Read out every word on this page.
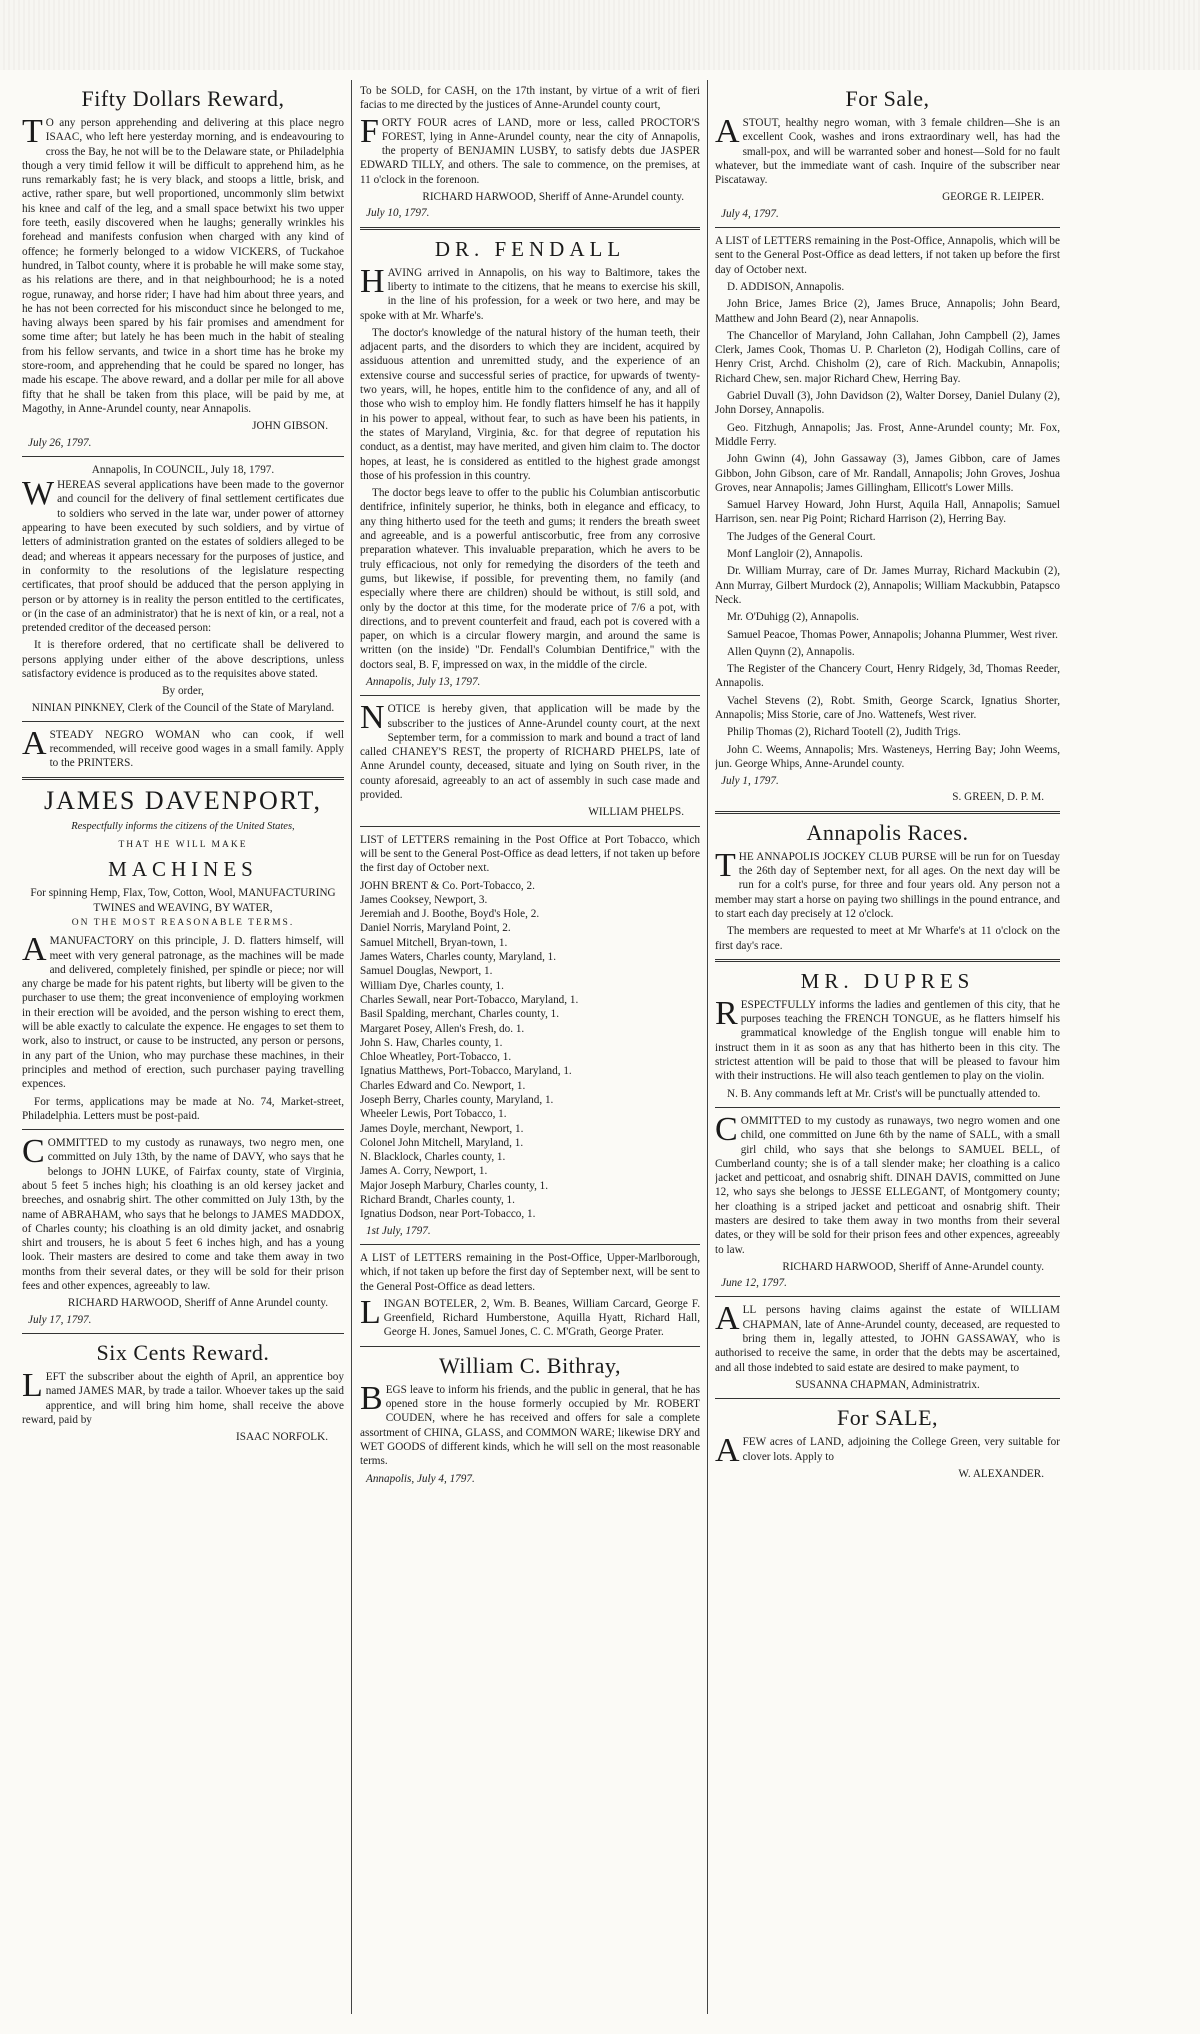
Fifty Dollars Reward,

TO any person apprehending and delivering at this place negro ISAAC, who left here yesterday morning, and is endeavouring to cross the Bay, he not will be to the Delaware state, or Philadelphia though a very timid fellow it will be difficult to apprehend him, as he runs remarkably fast; he is very black, and stoops a little, brisk, and active, rather spare, but well proportioned, uncommonly slim betwixt his knee and calf of the leg, and a small space betwixt his two upper fore teeth, easily discovered when he laughs; generally wrinkles his forehead and manifests confusion when charged with any kind of offence; he formerly belonged to a widow VICKERS, of Tuckahoe hundred, in Talbot county, where it is probable he will make some stay, as his relations are there, and in that neighbourhood; he is a noted rogue, runaway, and horse rider; I have had him about three years, and he has not been corrected for his misconduct since he belonged to me, having always been spared by his fair promises and amendment for some time after; but lately he has been much in the habit of stealing from his fellow servants, and twice in a short time has he broke my store-room, and apprehending that he could be spared no longer, has made his escape. The above reward, and a dollar per mile for all above fifty that he shall be taken from this place, will be paid by me, at Magothy, in Anne-Arundel county, near Annapolis.

JOHN GIBSON.
July 26, 1797.
Annapolis, In COUNCIL, July 18, 1797.

WHEREAS several applications have been made to the governor and council for the delivery of final settlement certificates due to soldiers who served in the late war, under power of attorney appearing to have been executed by such soldiers, and by virtue of letters of administration granted on the estates of soldiers alleged to be dead; and whereas it appears necessary for the purposes of justice, and in conformity to the resolutions of the legislature respecting certificates, that proof should be adduced that the person applying in person or by attorney is in reality the person entitled to the certificates, or (in the case of an administrator) that he is next of kin, or a real, not a pretended creditor of the deceased person:

It is therefore ordered, that no certificate shall be delivered to persons applying under either of the above descriptions, unless satisfactory evidence is produced as to the requisites above stated.

By order,
NINIAN PINKNEY, Clerk of the Council of the State of Maryland.

ASTEADY NEGRO WOMAN who can cook, if well recommended, will receive good wages in a small family. Apply to the PRINTERS.

JAMES DAVENPORT,
Respectfully informs the citizens of the United States,
THAT HE WILL MAKE
MACHINES
For spinning Hemp, Flax, Tow, Cotton, Wool, MANUFACTURING TWINES and WEAVING, BY WATER,
ON THE MOST REASONABLE TERMS.

AMANUFACTORY on this principle, J. D. flatters himself, will meet with very general patronage, as the machines will be made and delivered, completely finished, per spindle or piece; nor will any charge be made for his patent rights, but liberty will be given to the purchaser to use them; the great inconvenience of employing workmen in their erection will be avoided, and the person wishing to erect them, will be able exactly to calculate the expence. He engages to set them to work, also to instruct, or cause to be instructed, any person or persons, in any part of the Union, who may purchase these machines, in their principles and method of erection, such purchaser paying travelling expences.

For terms, applications may be made at No. 74, Market-street, Philadelphia. Letters must be post-paid.

COMMITTED to my custody as runaways, two negro men, one committed on July 13th, by the name of DAVY, who says that he belongs to JOHN LUKE, of Fairfax county, state of Virginia, about 5 feet 5 inches high; his cloathing is an old kersey jacket and breeches, and osnabrig shirt. The other committed on July 13th, by the name of ABRAHAM, who says that he belongs to JAMES MADDOX, of Charles county; his cloathing is an old dimity jacket, and osnabrig shirt and trousers, he is about 5 feet 6 inches high, and has a young look. Their masters are desired to come and take them away in two months from their several dates, or they will be sold for their prison fees and other expences, agreeably to law.

RICHARD HARWOOD, Sheriff of Anne Arundel county.
July 17, 1797.
Six Cents Reward.

LEFT the subscriber about the eighth of April, an apprentice boy named JAMES MAR, by trade a tailor. Whoever takes up the said apprentice, and will bring him home, shall receive the above reward, paid by

ISAAC NORFOLK.

To be SOLD, for CASH, on the 17th instant, by virtue of a writ of fieri facias to me directed by the justices of Anne-Arundel county court,

FORTY FOUR acres of LAND, more or less, called PROCTOR'S FOREST, lying in Anne-Arundel county, near the city of Annapolis, the property of BENJAMIN LUSBY, to satisfy debts due JASPER EDWARD TILLY, and others. The sale to commence, on the premises, at 11 o'clock in the forenoon.

RICHARD HARWOOD, Sheriff of Anne-Arundel county.
July 10, 1797.
DR. FENDALL

HAVING arrived in Annapolis, on his way to Baltimore, takes the liberty to intimate to the citizens, that he means to exercise his skill, in the line of his profession, for a week or two here, and may be spoke with at Mr. Wharfe's.

The doctor's knowledge of the natural history of the human teeth, their adjacent parts, and the disorders to which they are incident, acquired by assiduous attention and unremitted study, and the experience of an extensive course and successful series of practice, for upwards of twenty-two years, will, he hopes, entitle him to the confidence of any, and all of those who wish to employ him. He fondly flatters himself he has it happily in his power to appeal, without fear, to such as have been his patients, in the states of Maryland, Virginia, &c. for that degree of reputation his conduct, as a dentist, may have merited, and given him claim to. The doctor hopes, at least, he is considered as entitled to the highest grade amongst those of his profession in this country.

The doctor begs leave to offer to the public his Columbian antiscorbutic dentifrice, infinitely superior, he thinks, both in elegance and efficacy, to any thing hitherto used for the teeth and gums; it renders the breath sweet and agreeable, and is a powerful antiscorbutic, free from any corrosive preparation whatever. This invaluable preparation, which he avers to be truly efficacious, not only for remedying the disorders of the teeth and gums, but likewise, if possible, for preventing them, no family (and especially where there are children) should be without, is still sold, and only by the doctor at this time, for the moderate price of 7/6 a pot, with directions, and to prevent counterfeit and fraud, each pot is covered with a paper, on which is a circular flowery margin, and around the same is written (on the inside) "Dr. Fendall's Columbian Dentifrice," with the doctors seal, B. F, impressed on wax, in the middle of the circle.

Annapolis, July 13, 1797.

NOTICE is hereby given, that application will be made by the subscriber to the justices of Anne-Arundel county court, at the next September term, for a commission to mark and bound a tract of land called CHANEY'S REST, the property of RICHARD PHELPS, late of Anne Arundel county, deceased, situate and lying on South river, in the county aforesaid, agreeably to an act of assembly in such case made and provided.

WILLIAM PHELPS.

LIST of LETTERS remaining in the Post Office at Port Tobacco, which will be sent to the General Post-Office as dead letters, if not taken up before the first day of October next.

JOHN BRENT & Co. Port-Tobacco, 2.
James Cooksey, Newport, 3.
Jeremiah and J. Boothe, Boyd's Hole, 2.
Daniel Norris, Maryland Point, 2.
Samuel Mitchell, Bryan-town, 1.
James Waters, Charles county, Maryland, 1.
Samuel Douglas, Newport, 1.
William Dye, Charles county, 1.
Charles Sewall, near Port-Tobacco, Maryland, 1.
Basil Spalding, merchant, Charles county, 1.
Margaret Posey, Allen's Fresh, do. 1.
John S. Haw, Charles county, 1.
Chloe Wheatley, Port-Tobacco, 1.
Ignatius Matthews, Port-Tobacco, Maryland, 1.
Charles Edward and Co. Newport, 1.
Joseph Berry, Charles county, Maryland, 1.
Wheeler Lewis, Port Tobacco, 1.
James Doyle, merchant, Newport, 1.
Colonel John Mitchell, Maryland, 1.
N. Blacklock, Charles county, 1.
James A. Corry, Newport, 1.
Major Joseph Marbury, Charles county, 1.
Richard Brandt, Charles county, 1.
Ignatius Dodson, near Port-Tobacco, 1.
1st July, 1797.

A LIST of LETTERS remaining in the Post-Office, Upper-Marlborough, which, if not taken up before the first day of September next, will be sent to the General Post-Office as dead letters.

LINGAN BOTELER, 2, Wm. B. Beanes, William Carcard, George F. Greenfield, Richard Humberstone, Aquilla Hyatt, Richard Hall, George H. Jones, Samuel Jones, C. C. M'Grath, George Prater.

William C. Bithray,

BEGS leave to inform his friends, and the public in general, that he has opened store in the house formerly occupied by Mr. ROBERT COUDEN, where he has received and offers for sale a complete assortment of CHINA, GLASS, and COMMON WARE; likewise DRY and WET GOODS of different kinds, which he will sell on the most reasonable terms.

Annapolis, July 4, 1797.
For Sale,

ASTOUT, healthy negro woman, with 3 female children—She is an excellent Cook, washes and irons extraordinary well, has had the small-pox, and will be warranted sober and honest—Sold for no fault whatever, but the immediate want of cash. Inquire of the subscriber near Piscataway.

GEORGE R. LEIPER.
July 4, 1797.

A LIST of LETTERS remaining in the Post-Office, Annapolis, which will be sent to the General Post-Office as dead letters, if not taken up before the first day of October next.

D. ADDISON, Annapolis.

John Brice, James Brice (2), James Bruce, Annapolis; John Beard, Matthew and John Beard (2), near Annapolis.

The Chancellor of Maryland, John Callahan, John Campbell (2), James Clerk, James Cook, Thomas U. P. Charleton (2), Hodigah Collins, care of Henry Crist, Archd. Chisholm (2), care of Rich. Mackubin, Annapolis; Richard Chew, sen. major Richard Chew, Herring Bay.

Gabriel Duvall (3), John Davidson (2), Walter Dorsey, Daniel Dulany (2), John Dorsey, Annapolis.

Geo. Fitzhugh, Annapolis; Jas. Frost, Anne-Arundel county; Mr. Fox, Middle Ferry.

John Gwinn (4), John Gassaway (3), James Gibbon, care of James Gibbon, John Gibson, care of Mr. Randall, Annapolis; John Groves, Joshua Groves, near Annapolis; James Gillingham, Ellicott's Lower Mills.

Samuel Harvey Howard, John Hurst, Aquila Hall, Annapolis; Samuel Harrison, sen. near Pig Point; Richard Harrison (2), Herring Bay.

The Judges of the General Court.

Monf Langloir (2), Annapolis.

Dr. William Murray, care of Dr. James Murray, Richard Mackubin (2), Ann Murray, Gilbert Murdock (2), Annapolis; William Mackubbin, Patapsco Neck.

Mr. O'Duhigg (2), Annapolis.

Samuel Peacoe, Thomas Power, Annapolis; Johanna Plummer, West river.

Allen Quynn (2), Annapolis.

The Register of the Chancery Court, Henry Ridgely, 3d, Thomas Reeder, Annapolis.

Vachel Stevens (2), Robt. Smith, George Scarck, Ignatius Shorter, Annapolis; Miss Storie, care of Jno. Wattenefs, West river.

Philip Thomas (2), Richard Tootell (2), Judith Trigs.

John C. Weems, Annapolis; Mrs. Wasteneys, Herring Bay; John Weems, jun. George Whips, Anne-Arundel county.

July 1, 1797.
S. GREEN, D. P. M.
Annapolis Races.

THE ANNAPOLIS JOCKEY CLUB PURSE will be run for on Tuesday the 26th day of September next, for all ages. On the next day will be run for a colt's purse, for three and four years old. Any person not a member may start a horse on paying two shillings in the pound entrance, and to start each day precisely at 12 o'clock.

The members are requested to meet at Mr Wharfe's at 11 o'clock on the first day's race.

MR. DUPRES

RESPECTFULLY informs the ladies and gentlemen of this city, that he purposes teaching the FRENCH TONGUE, as he flatters himself his grammatical knowledge of the English tongue will enable him to instruct them in it as soon as any that has hitherto been in this city. The strictest attention will be paid to those that will be pleased to favour him with their instructions. He will also teach gentlemen to play on the violin.

N. B. Any commands left at Mr. Crist's will be punctually attended to.

COMMITTED to my custody as runaways, two negro women and one child, one committed on June 6th by the name of SALL, with a small girl child, who says that she belongs to SAMUEL BELL, of Cumberland county; she is of a tall slender make; her cloathing is a calico jacket and petticoat, and osnabrig shift. DINAH DAVIS, committed on June 12, who says she belongs to JESSE ELLEGANT, of Montgomery county; her cloathing is a striped jacket and petticoat and osnabrig shift. Their masters are desired to take them away in two months from their several dates, or they will be sold for their prison fees and other expences, agreeably to law.

RICHARD HARWOOD, Sheriff of Anne-Arundel county.
June 12, 1797.

ALL persons having claims against the estate of WILLIAM CHAPMAN, late of Anne-Arundel county, deceased, are requested to bring them in, legally attested, to JOHN GASSAWAY, who is authorised to receive the same, in order that the debts may be ascertained, and all those indebted to said estate are desired to make payment, to

SUSANNA CHAPMAN, Administratrix.
For SALE,

AFEW acres of LAND, adjoining the College Green, very suitable for clover lots. Apply to

W. ALEXANDER.
